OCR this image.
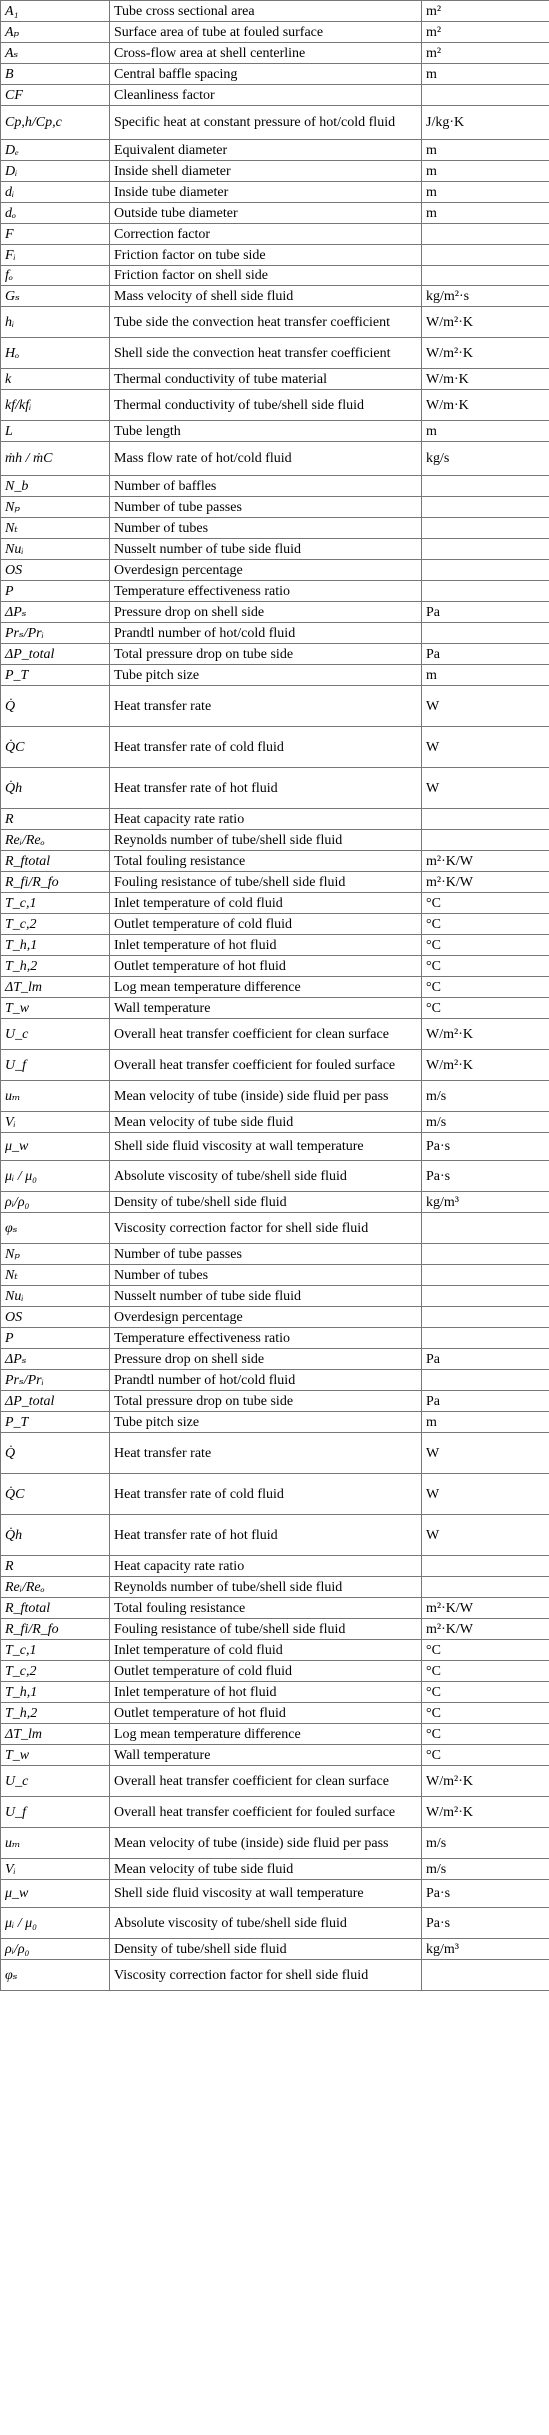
A₁	Tube cross sectional area	m²
Aₚ	Surface area of tube at fouled surface	m²
Aₛ	Cross-flow area at shell centerline	m²
B	Central baffle spacing	m
CF	Cleanliness factor	
Cp,h/Cp,c	Specific heat at constant pressure of hot/cold fluid	J/kg·K
Dₑ	Equivalent diameter	m
Dᵢ	Inside shell diameter	m
dᵢ	Inside tube diameter	m
dₒ	Outside tube diameter	m
F	Correction factor	
Fᵢ	Friction factor on tube side	
fₒ	Friction factor on shell side	
Gₛ	Mass velocity of shell side fluid	kg/m²·s
hᵢ	Tube side the convection heat transfer coefficient	W/m²·K
Hₒ	Shell side the convection heat transfer coefficient	W/m²·K
k	Thermal conductivity of tube material	W/m·K
kf/kfᵢ	Thermal conductivity of tube/shell side fluid	W/m·K
L	Tube length	m
ṁh / ṁC	Mass flow rate of hot/cold fluid	kg/s
N_b	Number of baffles	
Nₚ	Number of tube passes	
Nₜ	Number of tubes	
Nuᵢ	Nusselt number of tube side fluid	
OS	Overdesign percentage	
P	Temperature effectiveness ratio	
ΔPₛ	Pressure drop on shell side	Pa
Prₛ/Prᵢ	Prandtl number of hot/cold fluid	
ΔP_total	Total pressure drop on tube side	Pa
P_T	Tube pitch size	m
Q̇	Heat transfer rate	W
Q̇C	Heat transfer rate of cold fluid	W
Q̇h	Heat transfer rate of hot fluid	W
R	Heat capacity rate ratio	
Reᵢ/Reₒ	Reynolds number of tube/shell side fluid	
R_ftotal	Total fouling resistance	m²·K/W
R_fi/R_fo	Fouling resistance of tube/shell side fluid	m²·K/W
T_c,1	Inlet temperature of cold fluid	°C
T_c,2	Outlet temperature of cold fluid	°C
T_h,1	Inlet temperature of hot fluid	°C
T_h,2	Outlet temperature of hot fluid	°C
ΔT_lm	Log mean temperature difference	°C
T_w	Wall temperature	°C
U_c	Overall heat transfer coefficient for clean surface	W/m²·K
U_f	Overall heat transfer coefficient for fouled surface	W/m²·K
uₘ	Mean velocity of tube (inside) side fluid per pass	m/s
Vᵢ	Mean velocity of tube side fluid	m/s
μ_w	Shell side fluid viscosity at wall temperature	Pa·s
μᵢ / μ₀	Absolute viscosity of tube/shell side fluid	Pa·s
ρᵢ/ρ₀	Density of tube/shell side fluid	kg/m³
φₛ	Viscosity correction factor for shell side fluid	
Nₚ	Number of tube passes	
Nₜ	Number of tubes	
Nuᵢ	Nusselt number of tube side fluid	
OS	Overdesign percentage	
P	Temperature effectiveness ratio	
ΔPₛ	Pressure drop on shell side	Pa
Prₛ/Prᵢ	Prandtl number of hot/cold fluid	
ΔP_total	Total pressure drop on tube side	Pa
P_T	Tube pitch size	m
Q̇	Heat transfer rate	W
Q̇C	Heat transfer rate of cold fluid	W
Q̇h	Heat transfer rate of hot fluid	W
R	Heat capacity rate ratio	
Reᵢ/Reₒ	Reynolds number of tube/shell side fluid	
R_ftotal	Total fouling resistance	m²·K/W
R_fi/R_fo	Fouling resistance of tube/shell side fluid	m²·K/W
T_c,1	Inlet temperature of cold fluid	°C
T_c,2	Outlet temperature of cold fluid	°C
T_h,1	Inlet temperature of hot fluid	°C
T_h,2	Outlet temperature of hot fluid	°C
ΔT_lm	Log mean temperature difference	°C
T_w	Wall temperature	°C
U_c	Overall heat transfer coefficient for clean surface	W/m²·K
U_f	Overall heat transfer coefficient for fouled surface	W/m²·K
uₘ	Mean velocity of tube (inside) side fluid per pass	m/s
Vᵢ	Mean velocity of tube side fluid	m/s
μ_w	Shell side fluid viscosity at wall temperature	Pa·s
μᵢ / μ₀	Absolute viscosity of tube/shell side fluid	Pa·s
ρᵢ/ρ₀	Density of tube/shell side fluid	kg/m³
φₛ	Viscosity correction factor for shell side fluid	
